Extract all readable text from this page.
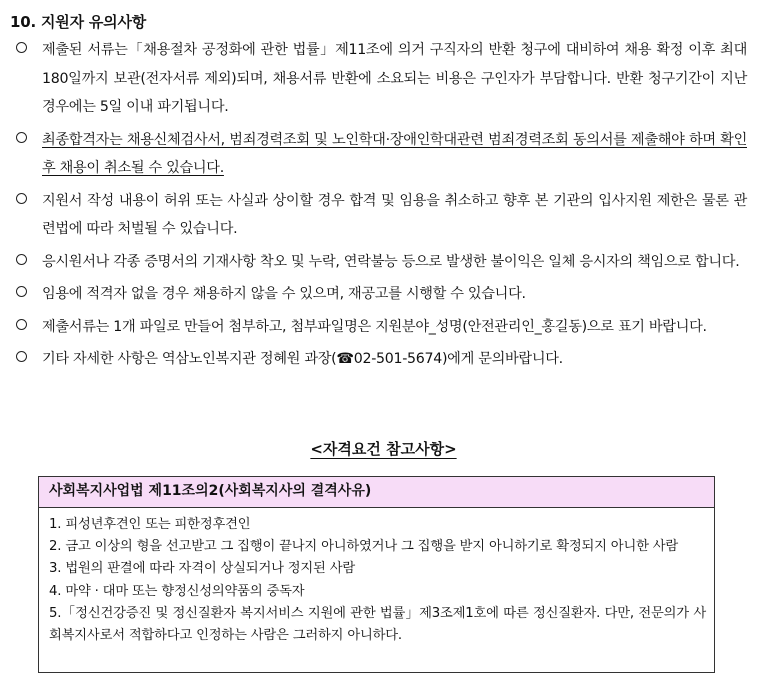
10. 지원자 유의사항
제출된 서류는「채용절차 공정화에 관한 법률」제11조에 의거 구직자의 반환 청구에 대비하여 채용 확정 이후 최대 180일까지 보관(전자서류 제외)되며, 채용서류 반환에 소요되는 비용은 구인자가 부담합니다. 반환 청구기간이 지난 경우에는 5일 이내 파기됩니다.
최종합격자는 채용신체검사서, 범죄경력조회 및 노인학대·장애인학대관련 범죄경력조회 동의서를 제출해야 하며 확인 후 채용이 취소될 수 있습니다.
지원서 작성 내용이 허위 또는 사실과 상이할 경우 합격 및 임용을 취소하고 향후 본 기관의 입사지원 제한은 물론 관련법에 따라 처벌될 수 있습니다.
응시원서나 각종 증명서의 기재사항 착오 및 누락, 연락불능 등으로 발생한 불이익은 일체 응시자의 책임으로 합니다.
임용에 적격자 없을 경우 채용하지 않을 수 있으며, 재공고를 시행할 수 있습니다.
제출서류는 1개 파일로 만들어 첨부하고, 첨부파일명은 지원분야_성명(안전관리인_홍길동)으로 표기 바랍니다.
기타 자세한 사항은 역삼노인복지관 정혜원 과장(☎02-501-5674)에게 문의바랍니다.
<자격요건 참고사항>
사회복지사업법 제11조의2(사회복지사의 결격사유)
1. 피성년후견인 또는 피한정후견인
2. 금고 이상의 형을 선고받고 그 집행이 끝나지 아니하였거나 그 집행을 받지 아니하기로 확정되지 아니한 사람
3. 법원의 판결에 따라 자격이 상실되거나 정지된 사람
4. 마약 · 대마 또는 향정신성의약품의 중독자
5.「정신건강증진 및 정신질환자 복지서비스 지원에 관한 법률」제3조제1호에 따른 정신질환자. 다만, 전문의가 사회복지사로서 적합하다고 인정하는 사람은 그러하지 아니하다.
